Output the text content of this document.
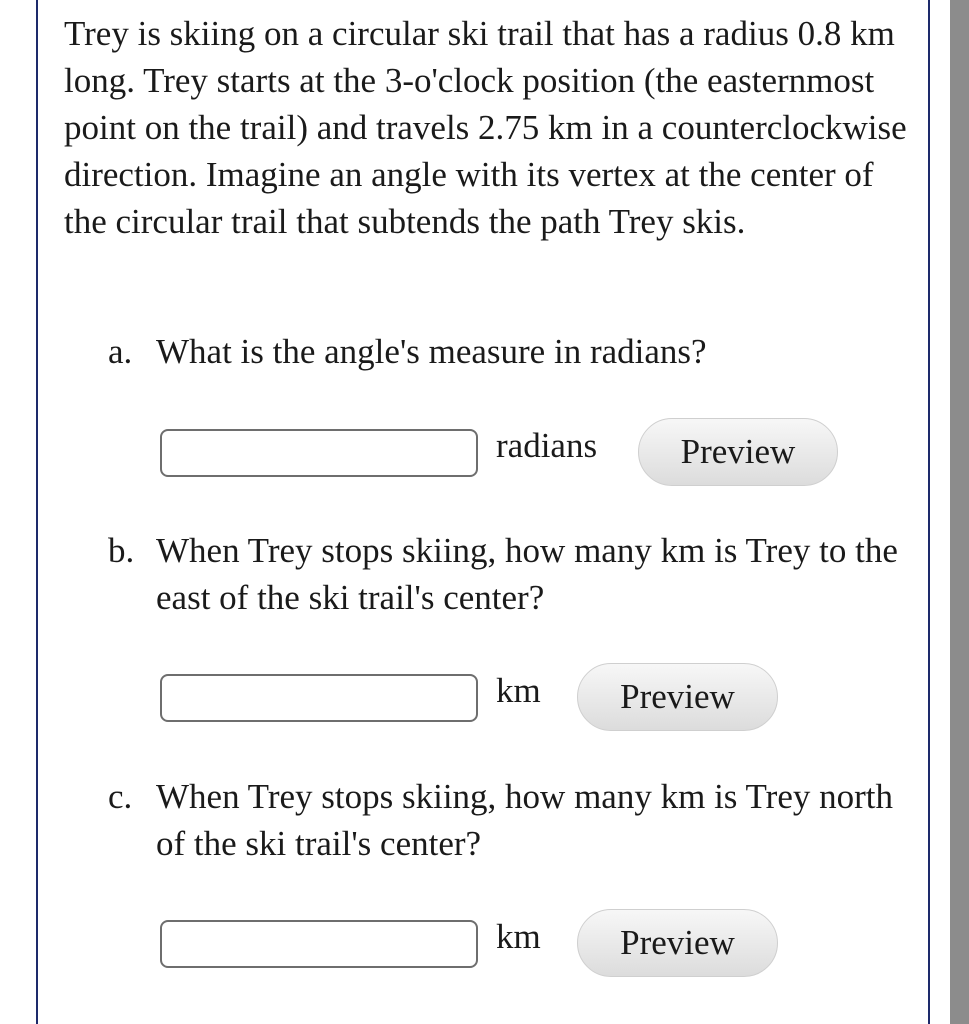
Trey is skiing on a circular ski trail that has a radius 0.8 km long. Trey starts at the 3-o'clock position (the easternmost point on the trail) and travels 2.75 km in a counterclockwise direction. Imagine an angle with its vertex at the center of the circular trail that subtends the path Trey skis.
a. What is the angle's measure in radians?
radians	Preview
b. When Trey stops skiing, how many km is Trey to the east of the ski trail's center?
km	Preview
c. When Trey stops skiing, how many km is Trey north of the ski trail's center?
km	Preview
